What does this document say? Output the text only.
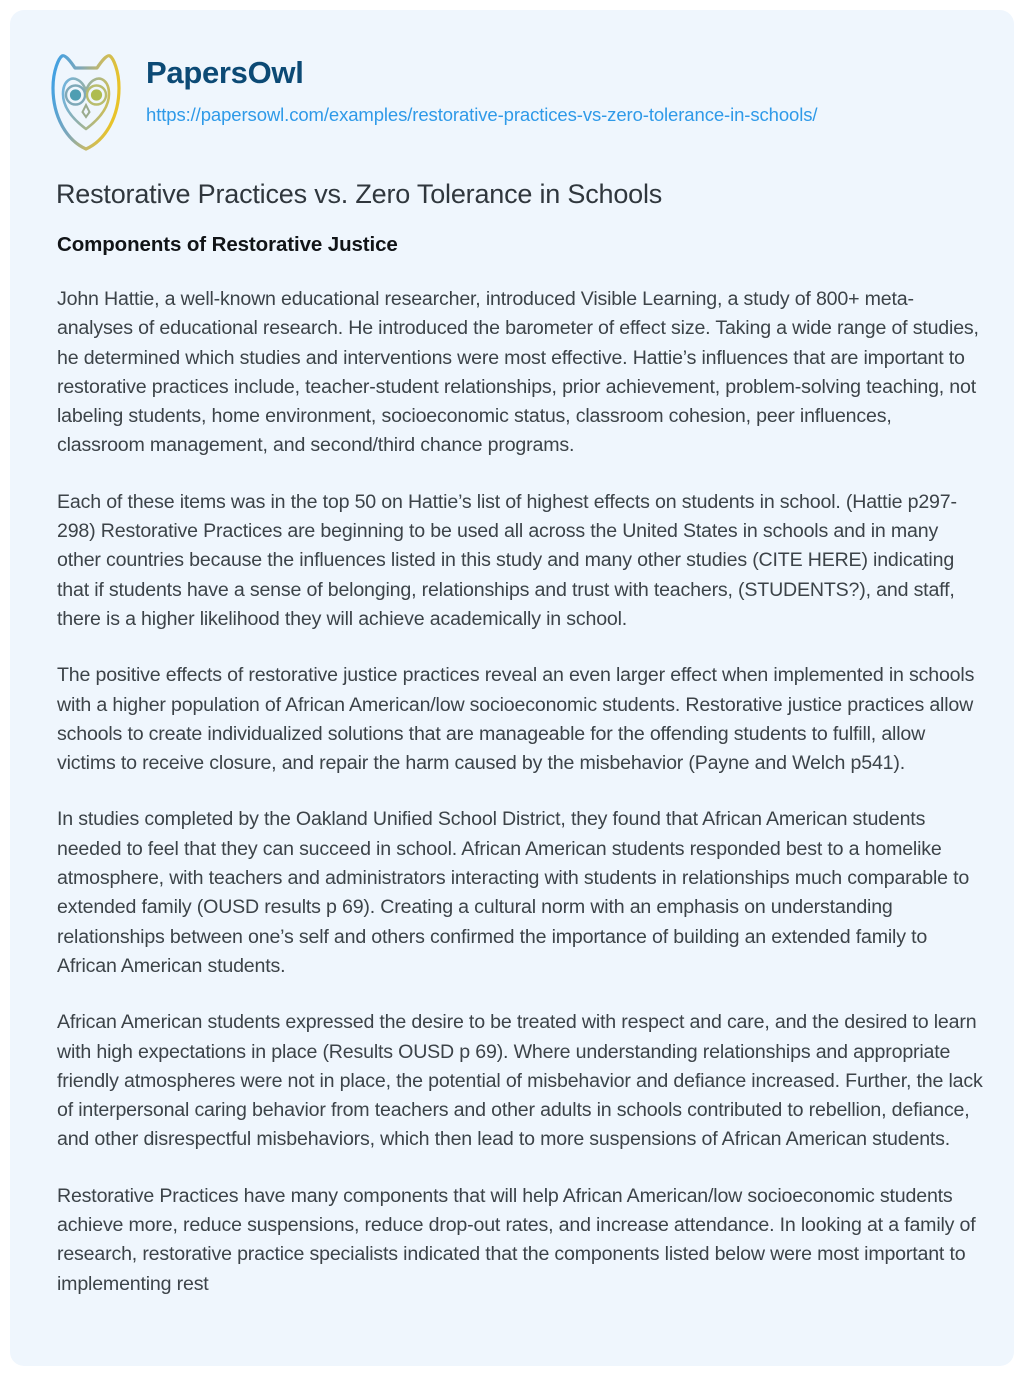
PapersOwl
https://papersowl.com/examples/restorative-practices-vs-zero-tolerance-in-schools/
Restorative Practices vs. Zero Tolerance in Schools
Components of Restorative Justice

John Hattie, a well-known educational researcher, introduced Visible Learning, a study of 800+ meta-analyses of educational research. He introduced the barometer of effect size. Taking a wide range of studies, he determined which studies and interventions were most effective. Hattie’s influences that are important to restorative practices include, teacher-student relationships, prior achievement, problem-solving teaching, not labeling students, home environment, socioeconomic status, classroom cohesion, peer influences, classroom management, and second/third chance programs.

Each of these items was in the top 50 on Hattie’s list of highest effects on students in school. (Hattie p297-298) Restorative Practices are beginning to be used all across the United States in schools and in many other countries because the influences listed in this study and many other studies (CITE HERE) indicating that if students have a sense of belonging, relationships and trust with teachers, (STUDENTS?), and staff, there is a higher likelihood they will achieve academically in school.

The positive effects of restorative justice practices reveal an even larger effect when implemented in schools with a higher population of African American/low socioeconomic students. Restorative justice practices allow schools to create individualized solutions that are manageable for the offending students to fulfill, allow victims to receive closure, and repair the harm caused by the misbehavior (Payne and Welch p541).

In studies completed by the Oakland Unified School District, they found that African American students needed to feel that they can succeed in school. African American students responded best to a homelike atmosphere, with teachers and administrators interacting with students in relationships much comparable to extended family (OUSD results p 69). Creating a cultural norm with an emphasis on understanding relationships between one’s self and others confirmed the importance of building an extended family to African American students.

African American students expressed the desire to be treated with respect and care, and the desired to learn with high expectations in place (Results OUSD p 69). Where understanding relationships and appropriate friendly atmospheres were not in place, the potential of misbehavior and defiance increased. Further, the lack of interpersonal caring behavior from teachers and other adults in schools contributed to rebellion, defiance, and other disrespectful misbehaviors, which then lead to more suspensions of African American students.

Restorative Practices have many components that will help African American/low socioeconomic students achieve more, reduce suspensions, reduce drop-out rates, and increase attendance. In looking at a family of research, restorative practice specialists indicated that the components listed below were most important to implementing rest
